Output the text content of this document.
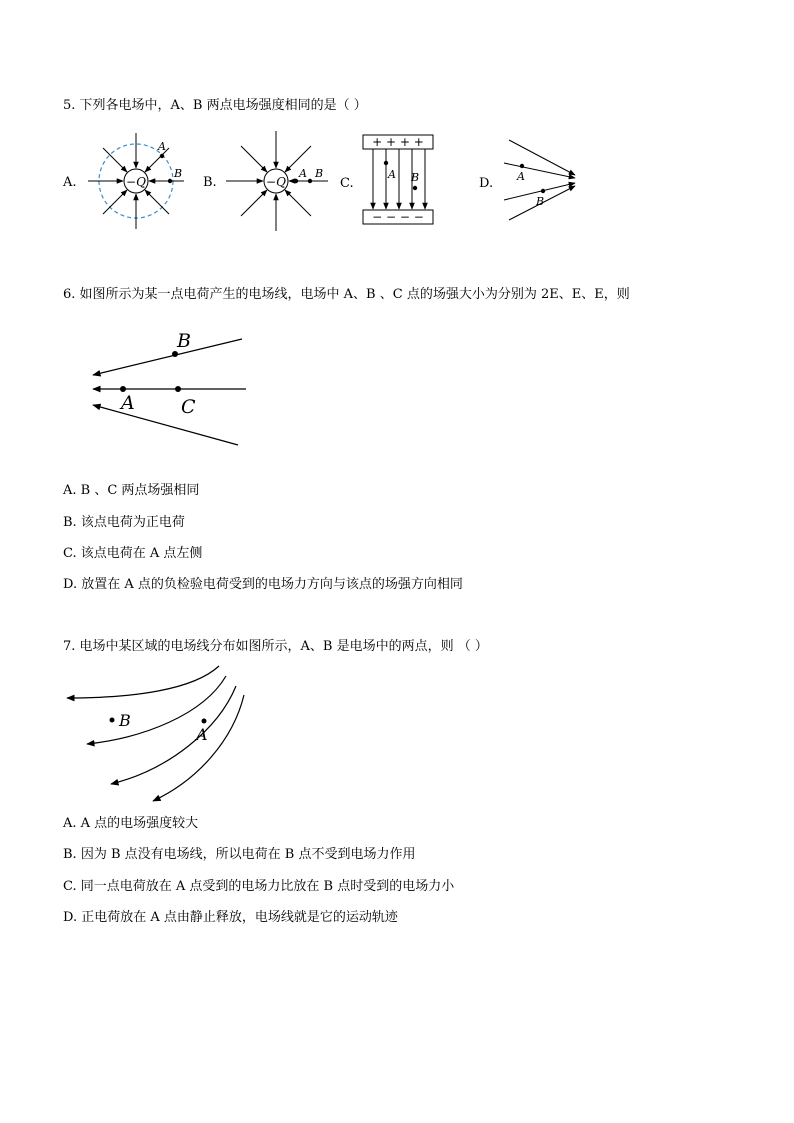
5. 下列各电场中，A、B 两点电场强度相同的是（ ）
A.	−Q
A
B
B.	−Q
A B
C.
+ + + +
− − − −
A B	D. A
B
6. 如图所示为某一点电荷产生的电场线，电场中 A、B 、C 点的场强大小为分别为 2E、E、E，则
B
A C
A. B 、C 两点场强相同
B. 该点电荷为正电荷
C. 该点电荷在 A 点左侧
D. 放置在 A 点的负检验电荷受到的电场力方向与该点的场强方向相同
7. 电场中某区域的电场线分布如图所示，A、B 是电场中的两点，则 （ ）
B
A
A. A 点的电场强度较大
B. 因为 B 点没有电场线，所以电荷在 B 点不受到电场力作用
C. 同一点电荷放在 A 点受到的电场力比放在 B 点时受到的电场力小
D. 正电荷放在 A 点由静止释放，电场线就是它的运动轨迹
